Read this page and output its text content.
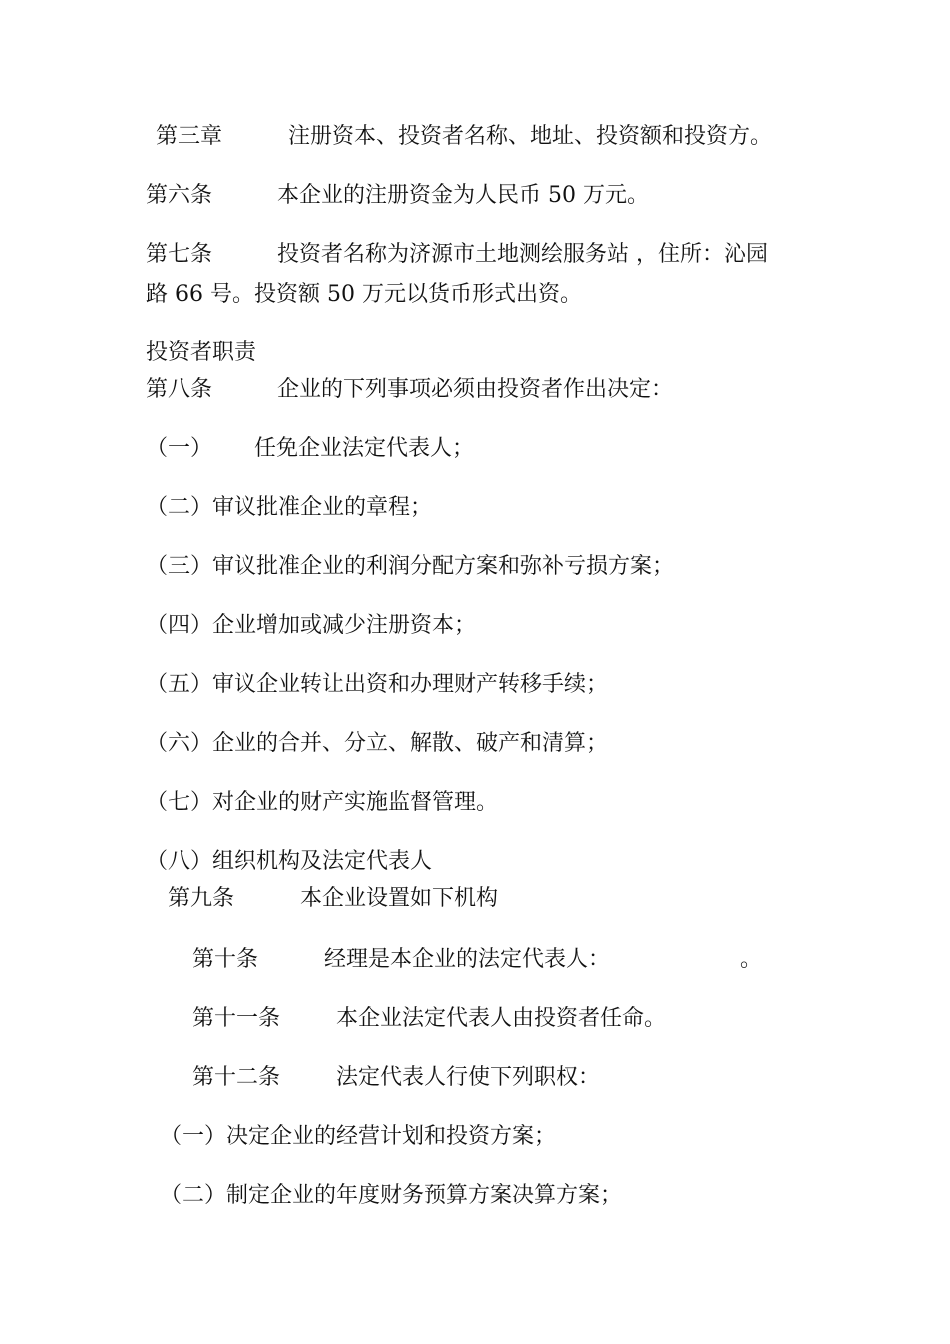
第三章	注册资本、投资者名称、地址、投资额和投资方。
第六条	本企业的注册资金为人民币 50 万元。
第七条	投资者名称为济源市土地测绘服务站 ，住所：沁园
路 66 号。投资额 50 万元以货币形式出资。
投资者职责
第八条	企业的下列事项必须由投资者作出决定：
（一） 任免企业法定代表人；
（二）审议批准企业的章程；
（三）审议批准企业的利润分配方案和弥补亏损方案；
（四）企业增加或减少注册资本；
（五）审议企业转让出资和办理财产转移手续；
（六）企业的合并、分立、解散、破产和清算；
（七）对企业的财产实施监督管理。
（八）组织机构及法定代表人
第九条	本企业设置如下机构
第十条	经理是本企业的法定代表人：	。
第十一条	本企业法定代表人由投资者任命。
第十二条	法定代表人行使下列职权：
（一）决定企业的经营计划和投资方案；
（二）制定企业的年度财务预算方案决算方案；
